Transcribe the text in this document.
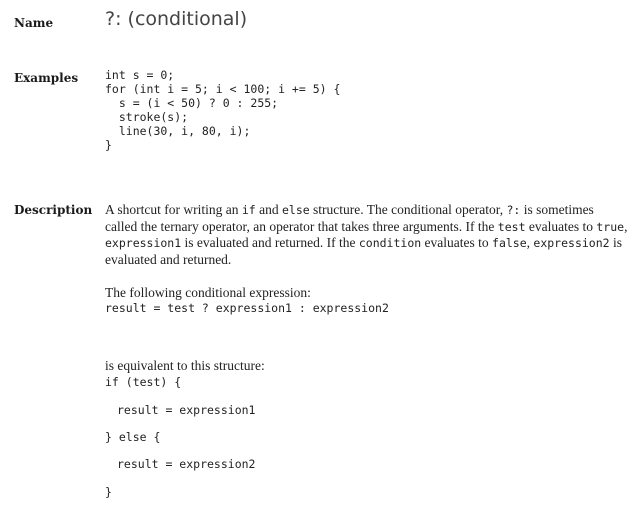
Name	?: (conditional)
Examples int s = 0;
for (int i = 5; i < 100; i += 5) {
s = (i < 50) ? 0 : 255;
stroke(s);
line(30, i, 80, i);
}
Description A shortcut for writing an if and else structure. The conditional operator, ?: is sometimes called the ternary operator, an operator that takes three arguments. If the test evaluates to true, expression1 is evaluated and returned. If the condition evaluates to false, expression2 is evaluated and returned.

The following conditional expression:

result = test ? expression1 : expression2

is equivalent to this structure:

if (test) {
result = expression1
} else {
result = expression2
}
